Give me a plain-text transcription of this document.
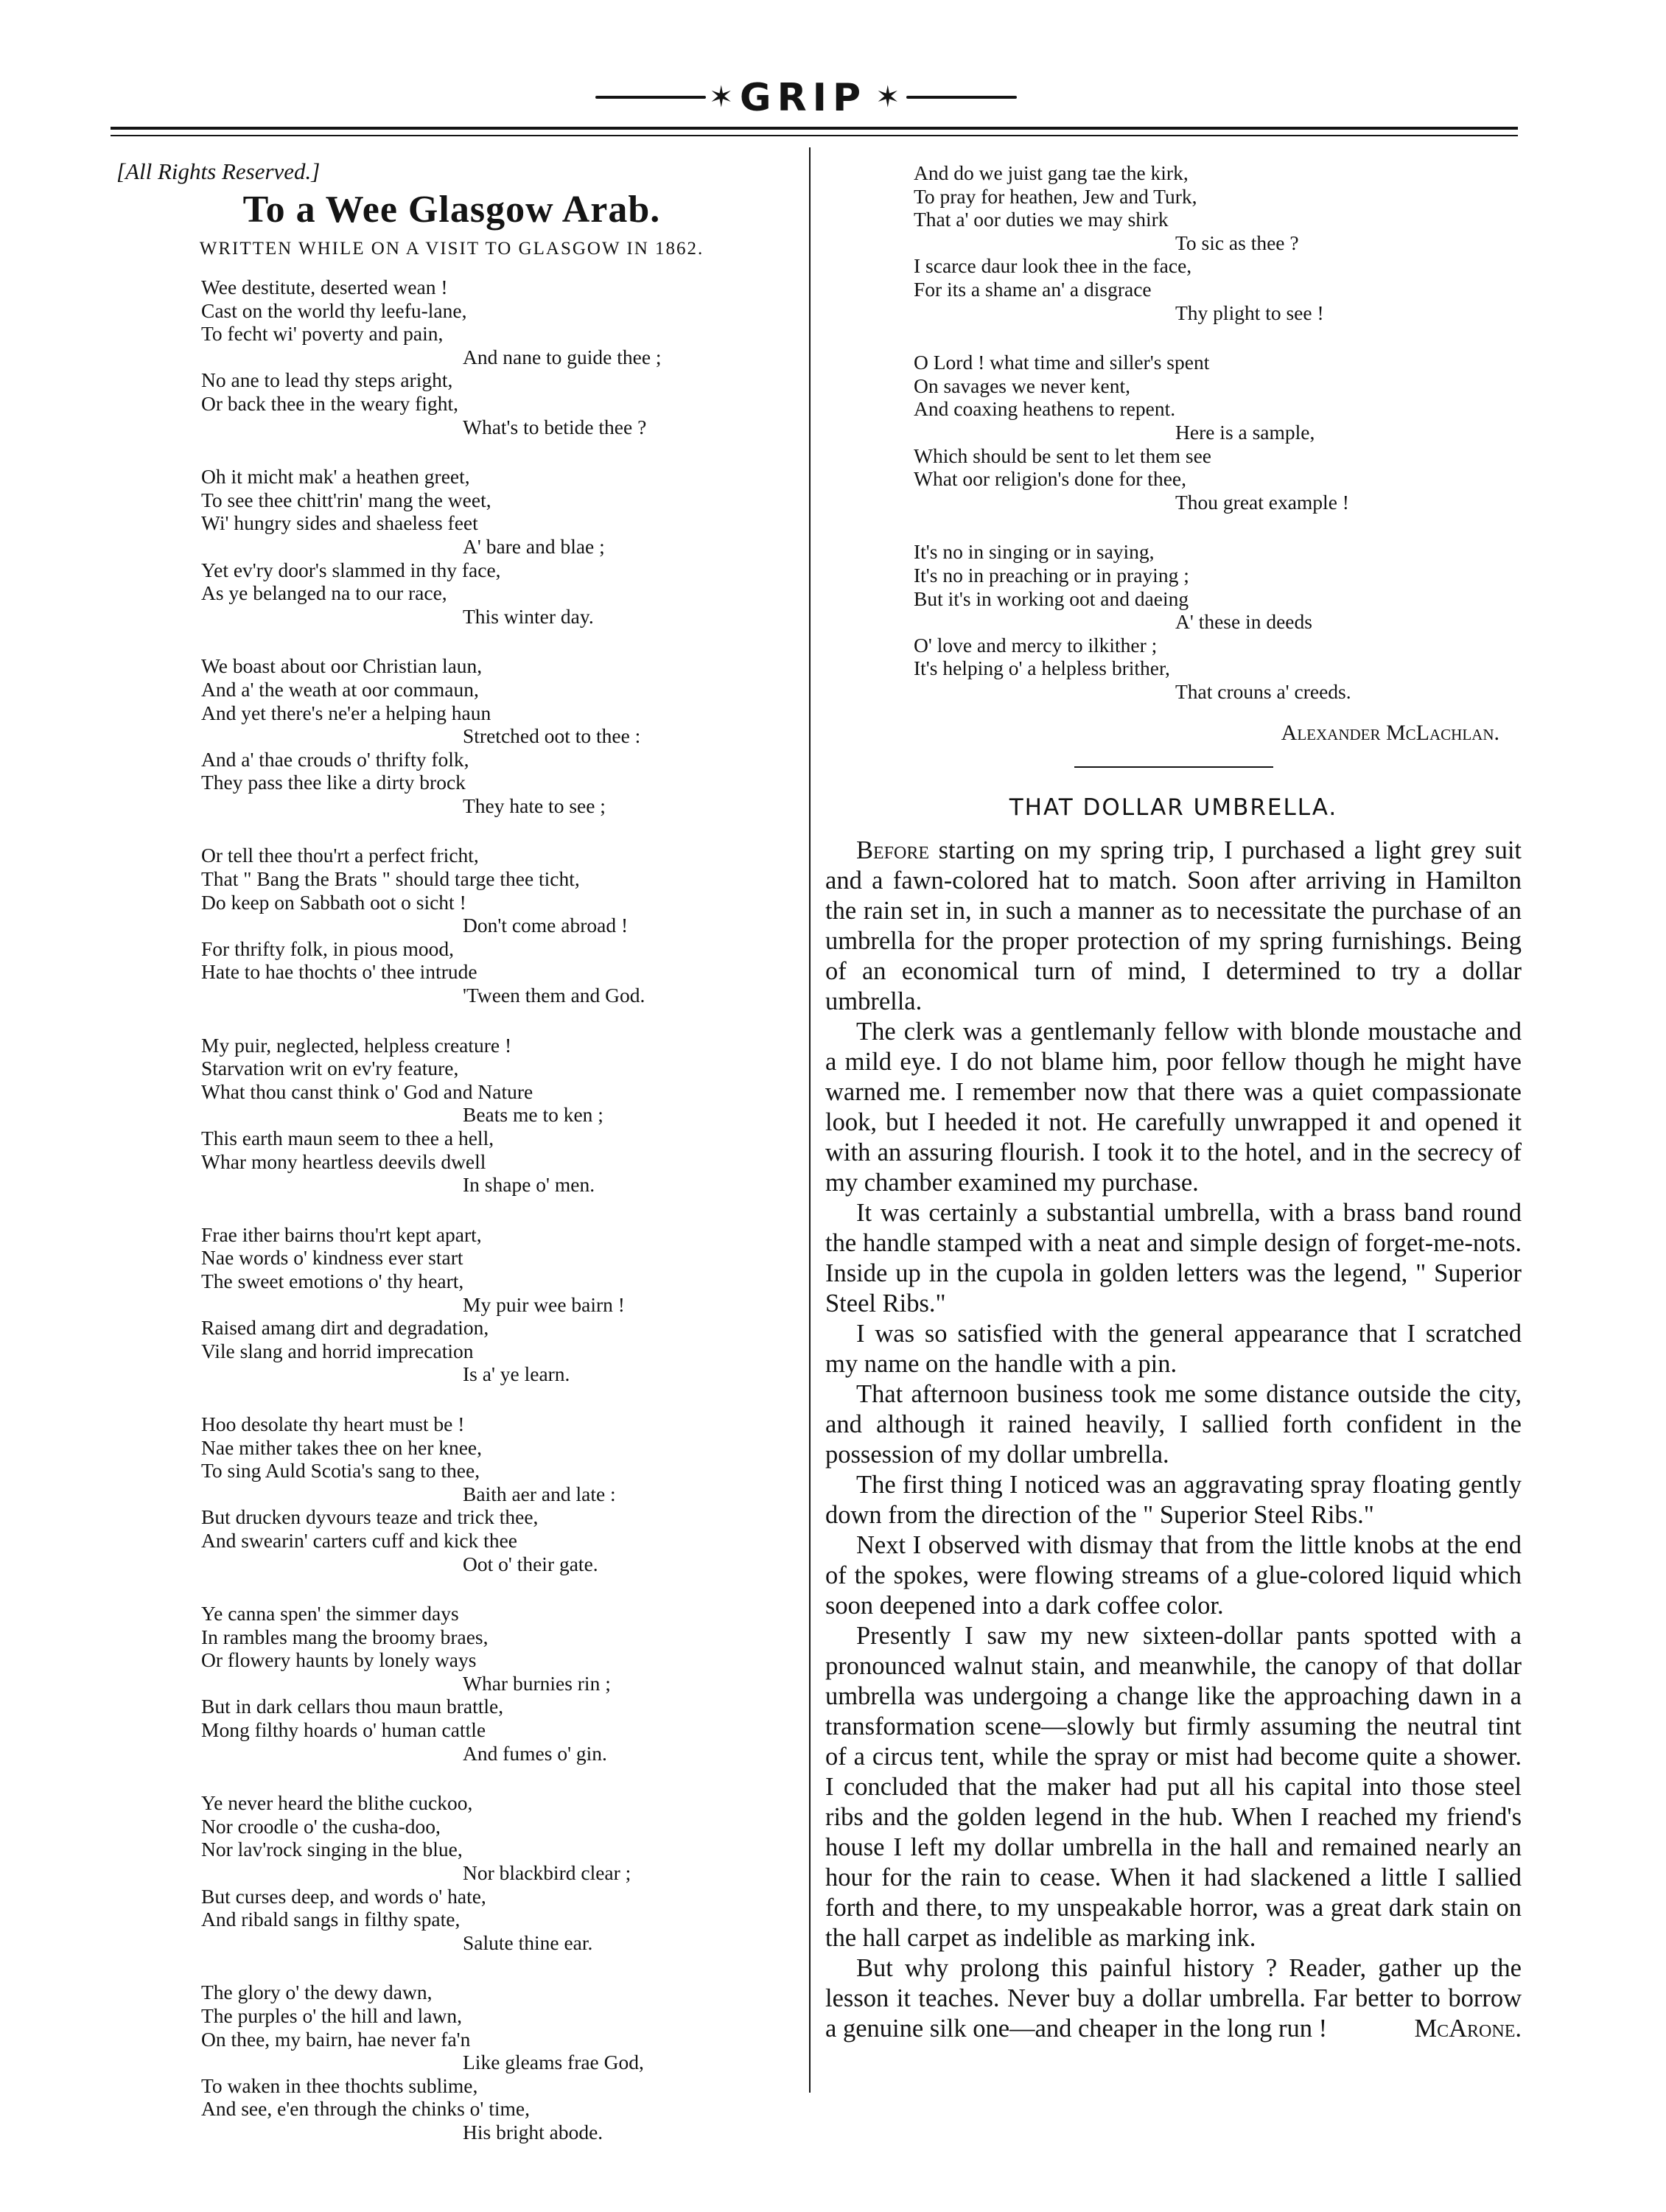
✶ GRIP ✶
[All Rights Reserved.]
To a Wee Glasgow Arab.
WRITTEN WHILE ON A VISIT TO GLASGOW IN 1862.
Wee destitute, deserted wean !
Cast on the world thy leefu-lane,
To fecht wi' poverty and pain,
And nane to guide thee ;
No ane to lead thy steps aright,
Or back thee in the weary fight,
What's to betide thee ?
Oh it micht mak' a heathen greet,
To see thee chitt'rin' mang the weet,
Wi' hungry sides and shaeless feet
A' bare and blae ;
Yet ev'ry door's slammed in thy face,
As ye belanged na to our race,
This winter day.
We boast about oor Christian laun,
And a' the weath at oor commaun,
And yet there's ne'er a helping haun
Stretched oot to thee :
And a' thae crouds o' thrifty folk,
They pass thee like a dirty brock
They hate to see ;
Or tell thee thou'rt a perfect fricht,
That " Bang the Brats " should targe thee ticht,
Do keep on Sabbath oot o sicht !
Don't come abroad !
For thrifty folk, in pious mood,
Hate to hae thochts o' thee intrude
'Tween them and God.
My puir, neglected, helpless creature !
Starvation writ on ev'ry feature,
What thou canst think o' God and Nature
Beats me to ken ;
This earth maun seem to thee a hell,
Whar mony heartless deevils dwell
In shape o' men.
Frae ither bairns thou'rt kept apart,
Nae words o' kindness ever start
The sweet emotions o' thy heart,
My puir wee bairn !
Raised amang dirt and degradation,
Vile slang and horrid imprecation
Is a' ye learn.
Hoo desolate thy heart must be !
Nae mither takes thee on her knee,
To sing Auld Scotia's sang to thee,
Baith aer and late :
But drucken dyvours teaze and trick thee,
And swearin' carters cuff and kick thee
Oot o' their gate.
Ye canna spen' the simmer days
In rambles mang the broomy braes,
Or flowery haunts by lonely ways
Whar burnies rin ;
But in dark cellars thou maun brattle,
Mong filthy hoards o' human cattle
And fumes o' gin.
Ye never heard the blithe cuckoo,
Nor croodle o' the cusha-doo,
Nor lav'rock singing in the blue,
Nor blackbird clear ;
But curses deep, and words o' hate,
And ribald sangs in filthy spate,
Salute thine ear.
The glory o' the dewy dawn,
The purples o' the hill and lawn,
On thee, my bairn, hae never fa'n
Like gleams frae God,
To waken in thee thochts sublime,
And see, e'en through the chinks o' time,
His bright abode.
And do we juist gang tae the kirk,
To pray for heathen, Jew and Turk,
That a' oor duties we may shirk
To sic as thee ?
I scarce daur look thee in the face,
For its a shame an' a disgrace
Thy plight to see !
O Lord ! what time and siller's spent
On savages we never kent,
And coaxing heathens to repent.
Here is a sample,
Which should be sent to let them see
What oor religion's done for thee,
Thou great example !
It's no in singing or in saying,
It's no in preaching or in praying ;
But it's in working oot and daeing
A' these in deeds
O' love and mercy to ilkither ;
It's helping o' a helpless brither,
That crouns a' creeds.
Alexander McLachlan.
THAT DOLLAR UMBRELLA.

Before starting on my spring trip, I purchased a light grey suit and a fawn-colored hat to match. Soon after arriving in Hamilton the rain set in, in such a manner as to necessitate the purchase of an umbrella for the proper protection of my spring furnishings. Being of an economical turn of mind, I determined to try a dollar umbrella.

The clerk was a gentlemanly fellow with blonde moustache and a mild eye. I do not blame him, poor fellow though he might have warned me. I remember now that there was a quiet compassionate look, but I heeded it not. He carefully unwrapped it and opened it with an assuring flourish. I took it to the hotel, and in the secrecy of my chamber examined my purchase.

It was certainly a substantial umbrella, with a brass band round the handle stamped with a neat and simple design of forget-me-nots. Inside up in the cupola in golden letters was the legend, " Superior Steel Ribs."

I was so satisfied with the general appearance that I scratched my name on the handle with a pin.

That afternoon business took me some distance outside the city, and although it rained heavily, I sallied forth confident in the possession of my dollar umbrella.

The first thing I noticed was an aggravating spray floating gently down from the direction of the " Superior Steel Ribs."

Next I observed with dismay that from the little knobs at the end of the spokes, were flowing streams of a glue-colored liquid which soon deepened into a dark coffee color.

Presently I saw my new sixteen-dollar pants spotted with a pronounced walnut stain, and meanwhile, the canopy of that dollar umbrella was undergoing a change like the approaching dawn in a transformation scene—slowly but firmly assuming the neutral tint of a circus tent, while the spray or mist had become quite a shower. I concluded that the maker had put all his capital into those steel ribs and the golden legend in the hub. When I reached my friend's house I left my dollar umbrella in the hall and remained nearly an hour for the rain to cease. When it had slackened a little I sallied forth and there, to my unspeakable horror, was a great dark stain on the hall carpet as indelible as marking ink.

But why prolong this painful history ? Reader, gather up the lesson it teaches. Never buy a dollar umbrella. Far better to borrow a genuine silk one—and cheaper in the long run !	McArone.
